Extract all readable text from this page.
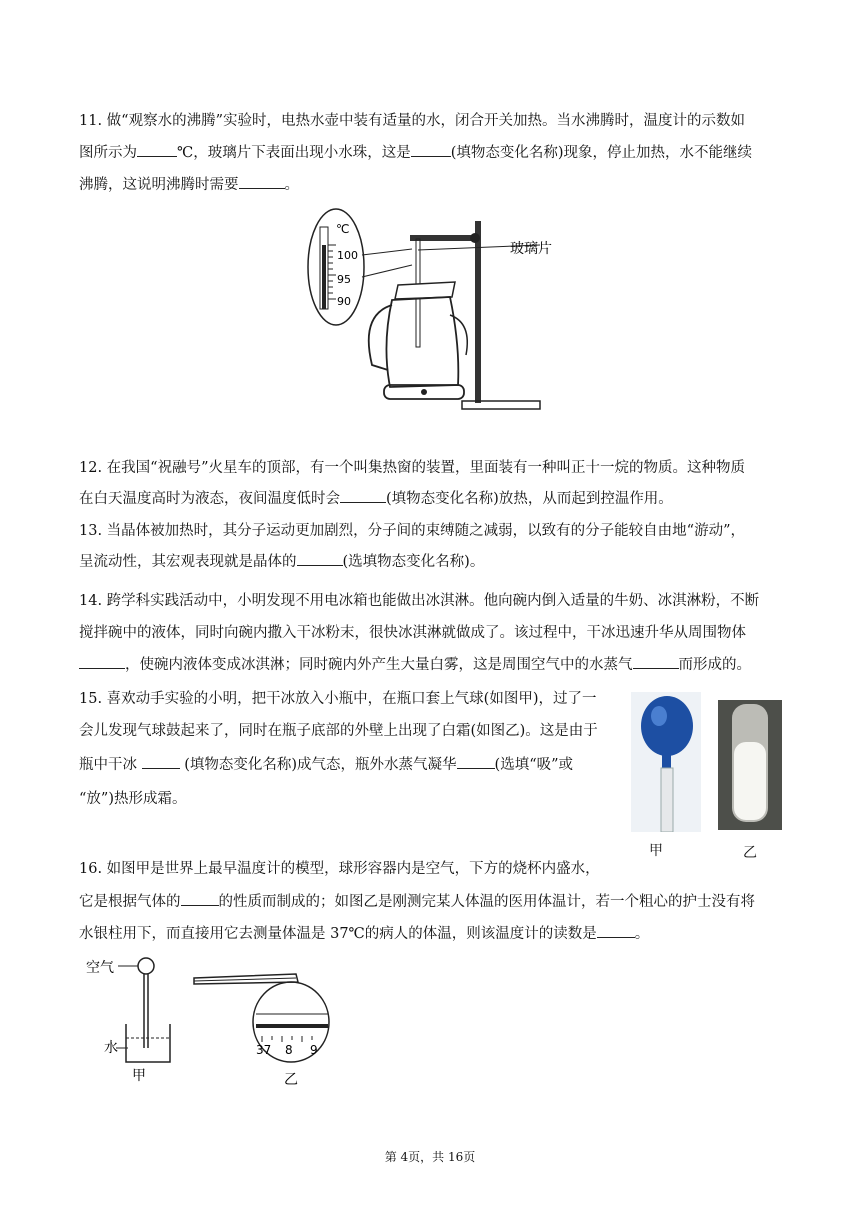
11. 做“观察水的沸腾”实验时，电热水壶中装有适量的水，闭合开关加热。当水沸腾时，温度计的示数如

图所示为	℃，玻璃片下表面出现小水珠，这是	(填物态变化名称)现象，停止加热，水不能继续

沸腾，这说明沸腾时需要	。

℃
100
95
90
玻璃片

12. 在我国“祝融号”火星车的顶部，有一个叫集热窗的装置，里面装有一种叫正十一烷的物质。这种物质

在白天温度高时为液态，夜间温度低时会	(填物态变化名称)放热，从而起到控温作用。

13. 当晶体被加热时，其分子运动更加剧烈，分子间的束缚随之减弱，以致有的分子能较自由地“游动”，

呈流动性，其宏观表现就是晶体的	(选填物态变化名称)。

14. 跨学科实践活动中，小明发现不用电冰箱也能做出冰淇淋。他向碗内倒入适量的牛奶、冰淇淋粉，不断

搅拌碗中的液体，同时向碗内撒入干冰粉末，很快冰淇淋就做成了。该过程中，干冰迅速升华从周围物体

，使碗内液体变成冰淇淋；同时碗内外产生大量白雾，这是周围空气中的水蒸气	而形成的。

15. 喜欢动手实验的小明，把干冰放入小瓶中，在瓶口套上气球(如图甲)，过了一

会儿发现气球鼓起来了，同时在瓶子底部的外壁上出现了白霜(如图乙)。这是由于

瓶中干冰	(填物态变化名称)成气态，瓶外水蒸气凝华	(选填“吸”或

“放”)热形成霜。

甲	乙

16. 如图甲是世界上最早温度计的模型，球形容器内是空气，下方的烧杯内盛水，

它是根据气体的	的性质而制成的；如图乙是刚测完某人体温的医用体温计，若一个粗心的护士没有将

水银柱用下，而直接用它去测量体温是 37℃的病人的体温，则该温度计的读数是	。

空气
水
甲
37 8 9
乙
第 4页，共 16页
